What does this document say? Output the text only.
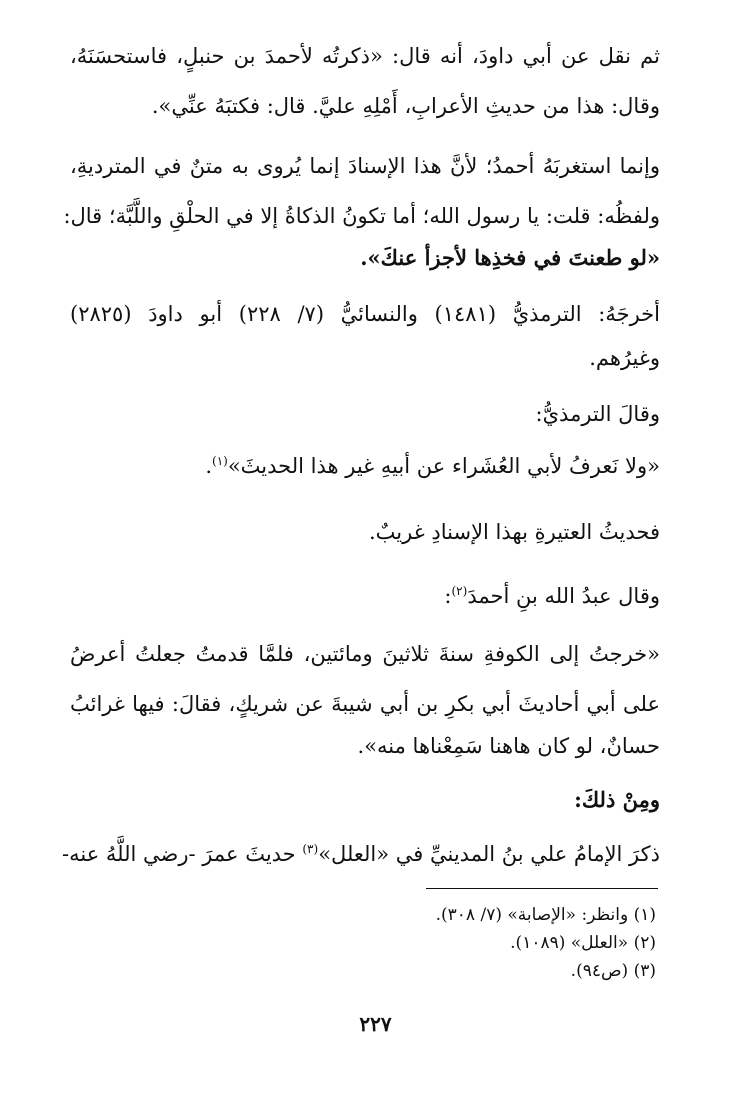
ثم نقل عن أبي داودَ، أنه قال: «ذكرتُه لأحمدَ بن حنبلٍ، فاستحسَنَهُ،
وقال: هذا من حديثِ الأعرابِ، أَمْلِهِ عليَّ. قال: فكتبَهُ عنِّي».
وإنما استغربَهُ أحمدُ؛ لأنَّ هذا الإسنادَ إنما يُروى به متنٌ في المترديةِ،
ولفظُه: قلت: يا رسول الله؛ أما تكونُ الذكاةُ إلا في الحلْقِ واللَّبَّة؛ قال:
«لو طعنتَ في فخذِها لأجزأ عنكَ».
أخرجَهُ: الترمذيُّ (١٤٨١) والنسائيُّ (٧/ ٢٢٨) أبو داودَ (٢٨٢٥)
وغيرُهم.
وقالَ الترمذيُّ:
«ولا نَعرفُ لأبي العُشَراء عن أبيهِ غير هذا الحديثَ»$^{(١)}$.
فحديثُ العتيرةِ بهذا الإسنادِ غريبٌ.
وقال عبدُ الله بنِ أحمدَ$^{(٢)}$:
«خرجتُ إلى الكوفةِ سنةَ ثلاثينَ ومائتين، فلمَّا قدمتُ جعلتُ أعرضُ
على أبي أحاديثَ أبي بكرِ بن أبي شيبةَ عن شريكٍ، فقالَ: فيها غرائبُ
حسانٌ، لو كان هاهنا سَمِعْناها منه».
ومِنْ ذلكَ:
ذكرَ الإمامُ علي بنُ المدينيِّ في «العلل»$^{(٣)}$ حديثَ عمرَ -رضي اللَّهُ عنه-
(١) وانظر: «الإصابة» (٧/ ٣٠٨).
(٢) «العلل» (١٠٨٩).
(٣) (ص٩٤).
٢٢٧
